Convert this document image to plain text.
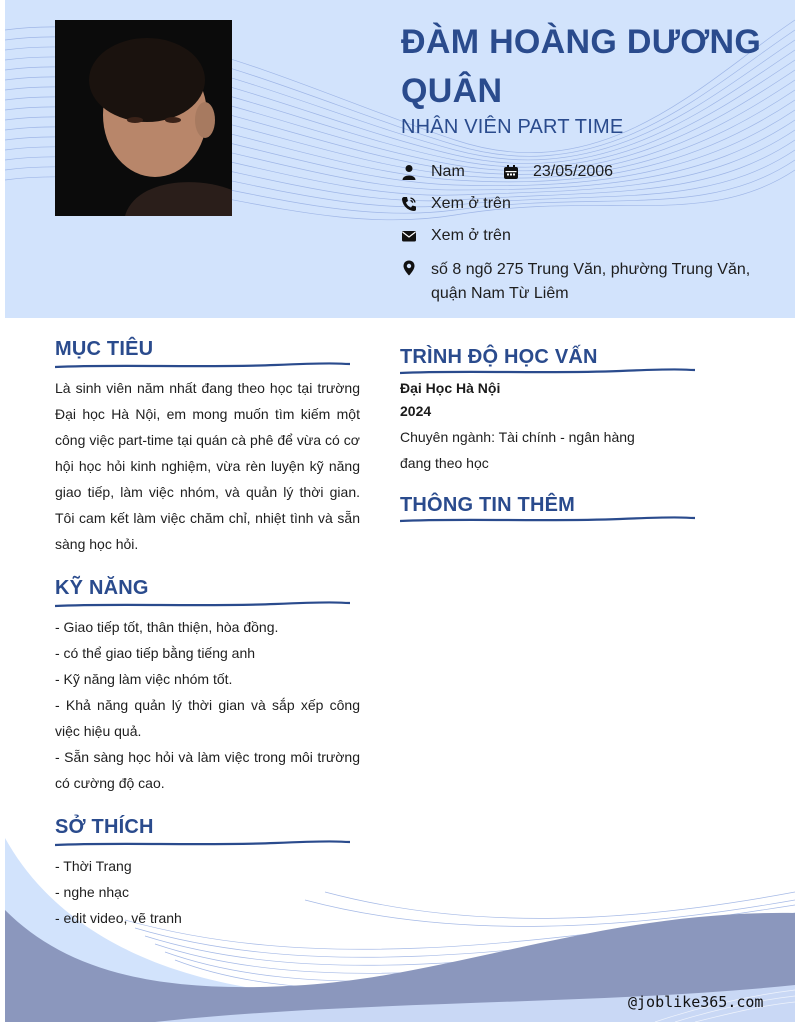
ĐÀM HOÀNG DƯƠNG QUÂN
NHÂN VIÊN PART TIME
Nam	23/05/2006
Xem ở trên
Xem ở trên
số 8 ngõ 275 Trung Văn, phường Trung Văn, quận Nam Từ Liêm
MỤC TIÊU
Là sinh viên năm nhất đang theo học tại trường Đại học Hà Nội, em mong muốn tìm kiếm một công việc part-time tại quán cà phê để vừa có cơ hội học hỏi kinh nghiệm, vừa rèn luyện kỹ năng giao tiếp, làm việc nhóm, và quản lý thời gian. Tôi cam kết làm việc chăm chỉ, nhiệt tình và sẵn sàng học hỏi.
KỸ NĂNG
- Giao tiếp tốt, thân thiện, hòa đồng.
- có thể giao tiếp bằng tiếng anh
- Kỹ năng làm việc nhóm tốt.
- Khả năng quản lý thời gian và sắp xếp công việc hiệu quả.
- Sẵn sàng học hỏi và làm việc trong môi trường có cường độ cao.
SỞ THÍCH
- Thời Trang
- nghe nhạc
- edit video, vẽ tranh
TRÌNH ĐỘ HỌC VẤN
Đại Học Hà Nội
2024
Chuyên ngành: Tài chính - ngân hàng
đang theo học
THÔNG TIN THÊM
@joblike365.com
